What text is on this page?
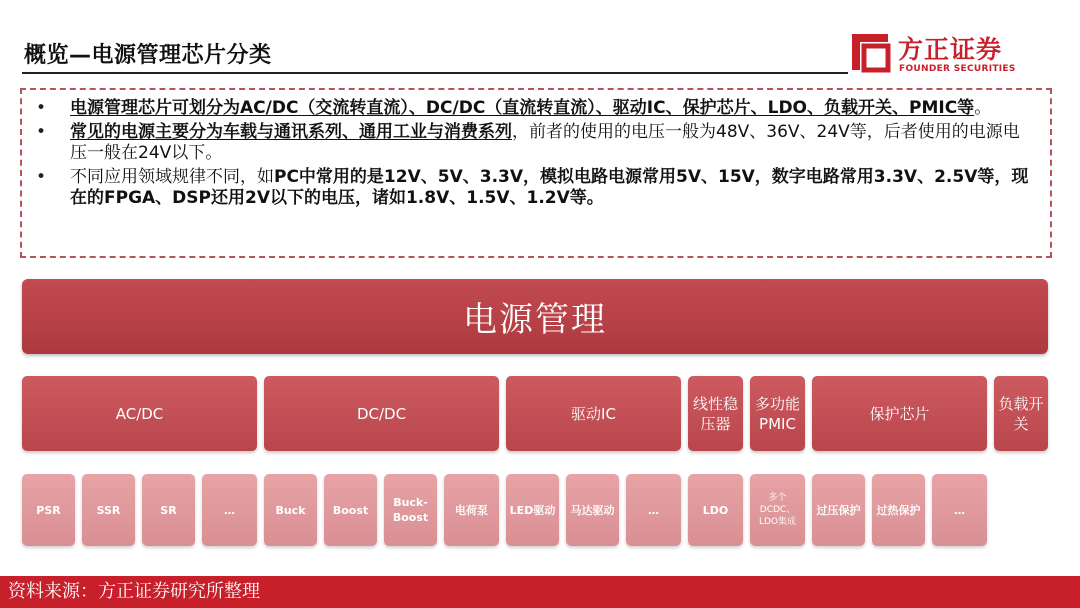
概览—电源管理芯片分类	方正证券
FOUNDER SECURITIES
• 电源管理芯片可划分为AC/DC（交流转直流）、DC/DC（直流转直流）、驱动IC、保护芯片、LDO、负载开关、PMIC等。
• 常见的电源主要分为车载与通讯系列、通用工业与消费系列，前者的使用的电压一般为48V、36V、24V等，后者使用的电源电压一般在24V以下。
• 不同应用领域规律不同，如PC中常用的是12V、5V、3.3V，模拟电路电源常用5V、15V，数字电路常用3.3V、2.5V等，现在的FPGA、DSP还用2V以下的电压，诸如1.8V、1.5V、1.2V等。
电源管理
AC/DC	DC/DC	驱动IC
线性稳压器
多功能PMIC
保护芯片
负载开关
PSR	SSR	SR	…	Buck	Boost
Buck-Boost
电荷泵	LED驱动	马达驱动	…	LDO
多个DCDC、LDO集成
过压保护	过热保护	…
资料来源：方正证券研究所整理
